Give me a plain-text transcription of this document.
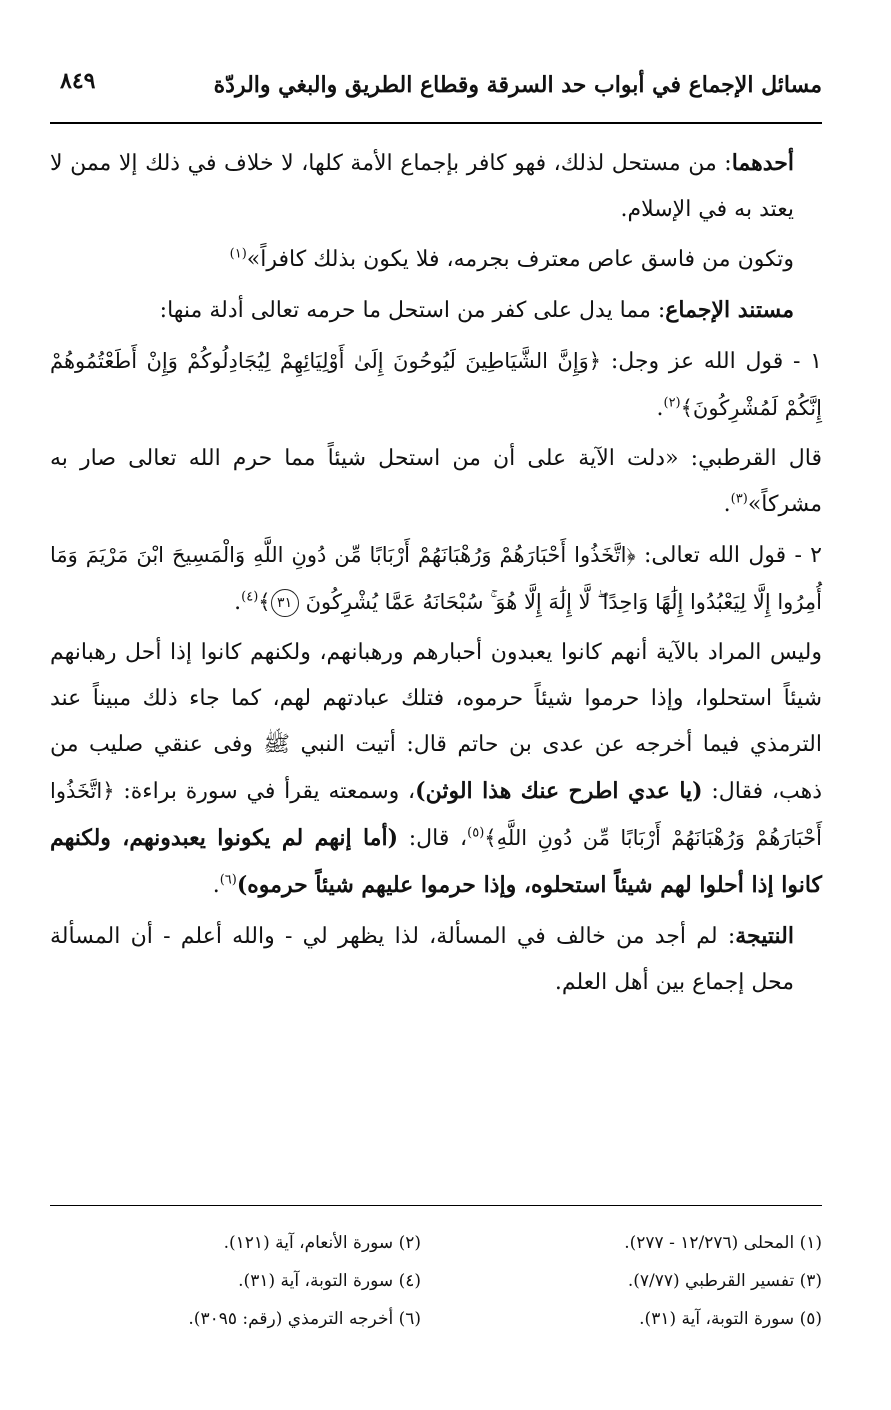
مسائل الإجماع في أبواب حد السرقة وقطاع الطريق والبغي والردّة
٨٤٩

أحدهما: من مستحل لذلك، فهو كافر بإجماع الأمة كلها، لا خلاف في ذلك إلا ممن لا يعتد به في الإسلام.

وتكون من فاسق عاص معترف بجرمه، فلا يكون بذلك كافراً»$^{(١)}$

مستند الإجماع: مما يدل على كفر من استحل ما حرمه تعالى أدلة منها:

١ - قول الله عز وجل: ﴿وَإِنَّ الشَّيَاطِينَ لَيُوحُونَ إِلَىٰ أَوْلِيَائِهِمْ لِيُجَادِلُوكُمْ وَإِنْ أَطَعْتُمُوهُمْ إِنَّكُمْ لَمُشْرِكُونَ﴾$^{(٢)}$.

قال القرطبي: «دلت الآية على أن من استحل شيئاً مما حرم الله تعالى صار به مشركاً»$^{(٣)}$.

٢ - قول الله تعالى: ﴿اتَّخَذُوا أَحْبَارَهُمْ وَرُهْبَانَهُمْ أَرْبَابًا مِّن دُونِ اللَّهِ وَالْمَسِيحَ ابْنَ مَرْيَمَ وَمَا أُمِرُوا إِلَّا لِيَعْبُدُوا إِلَٰهًا وَاحِدًا ۖ لَّا إِلَٰهَ إِلَّا هُوَ ۚ سُبْحَانَهُ عَمَّا يُشْرِكُونَ ٣١﴾$^{(٤)}$.

وليس المراد بالآية أنهم كانوا يعبدون أحبارهم ورهبانهم، ولكنهم كانوا إذا أحل رهبانهم شيئاً استحلوا، وإذا حرموا شيئاً حرموه، فتلك عبادتهم لهم، كما جاء ذلك مبيناً عند الترمذي فيما أخرجه عن عدى بن حاتم قال: أتيت النبي ﷺ وفى عنقي صليب من ذهب، فقال: (يا عدي اطرح عنك هذا الوثن)، وسمعته يقرأ في سورة براءة: ﴿اتَّخَذُوا أَحْبَارَهُمْ وَرُهْبَانَهُمْ أَرْبَابًا مِّن دُونِ اللَّهِ﴾$^{(٥)}$، قال: (أما إنهم لم يكونوا يعبدونهم، ولكنهم كانوا إذا أحلوا لهم شيئاً استحلوه، وإذا حرموا عليهم شيئاً حرموه)$^{(٦)}$.

النتيجة: لم أجد من خالف في المسألة، لذا يظهر لي - والله أعلم - أن المسألة محل إجماع بين أهل العلم.

(١) المحلى (١٢/٢٧٦ - ٢٧٧).
(٢) سورة الأنعام، آية (١٢١).
(٣) تفسير القرطبي (٧/٧٧).
(٤) سورة التوبة، آية (٣١).
(٥) سورة التوبة، آية (٣١).
(٦) أخرجه الترمذي (رقم: ٣٠٩٥).
